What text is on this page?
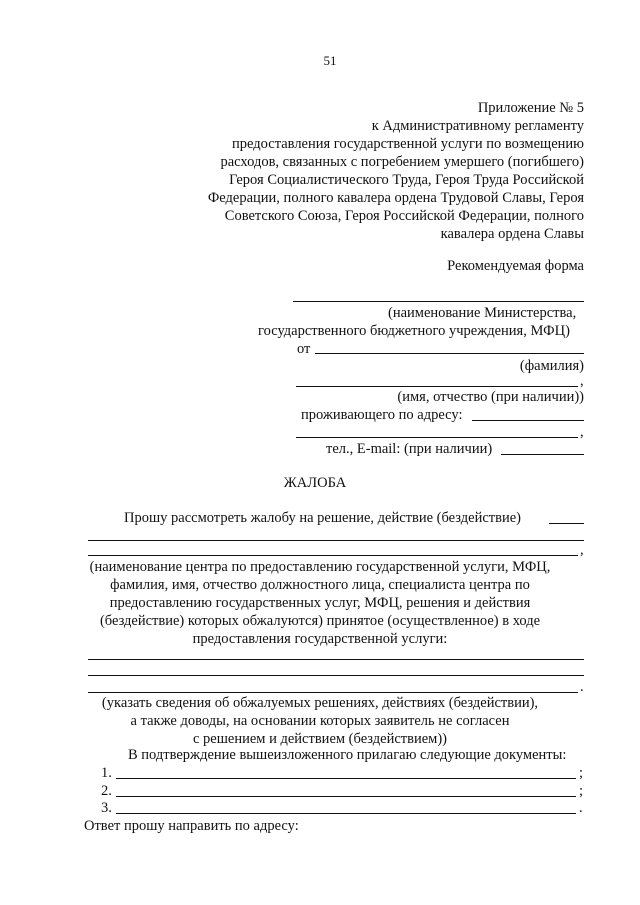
51
Приложение № 5
к Административному регламенту
предоставления государственной услуги по возмещению
расходов, связанных с погребением умершего (погибшего)
Героя Социалистического Труда, Героя Труда Российской
Федерации, полного кавалера ордена Трудовой Славы, Героя
Советского Союза, Героя Российской Федерации, полного
кавалера ордена Славы
Рекомендуемая форма
(наименование Министерства,
государственного бюджетного учреждения, МФЦ)
от
(фамилия)
,
(имя, отчество (при наличии))
проживающего по адресу:
,
тел., E-mail: (при наличии)
ЖАЛОБА
Прошу рассмотреть жалобу на решение, действие (бездействие)
,
(наименование центра по предоставлению государственной услуги, МФЦ,
фамилия, имя, отчество должностного лица, специалиста центра по
предоставлению государственных услуг, МФЦ, решения и действия
(бездействие) которых обжалуются) принятое (осуществленное) в ходе
предоставления государственной услуги:
.
(указать сведения об обжалуемых решениях, действиях (бездействии),
а также доводы, на основании которых заявитель не согласен
с решением и действием (бездействием))
В подтверждение вышеизложенного прилагаю следующие документы:
1.	;
2.	;
3.	.
Ответ прошу направить по адресу:
